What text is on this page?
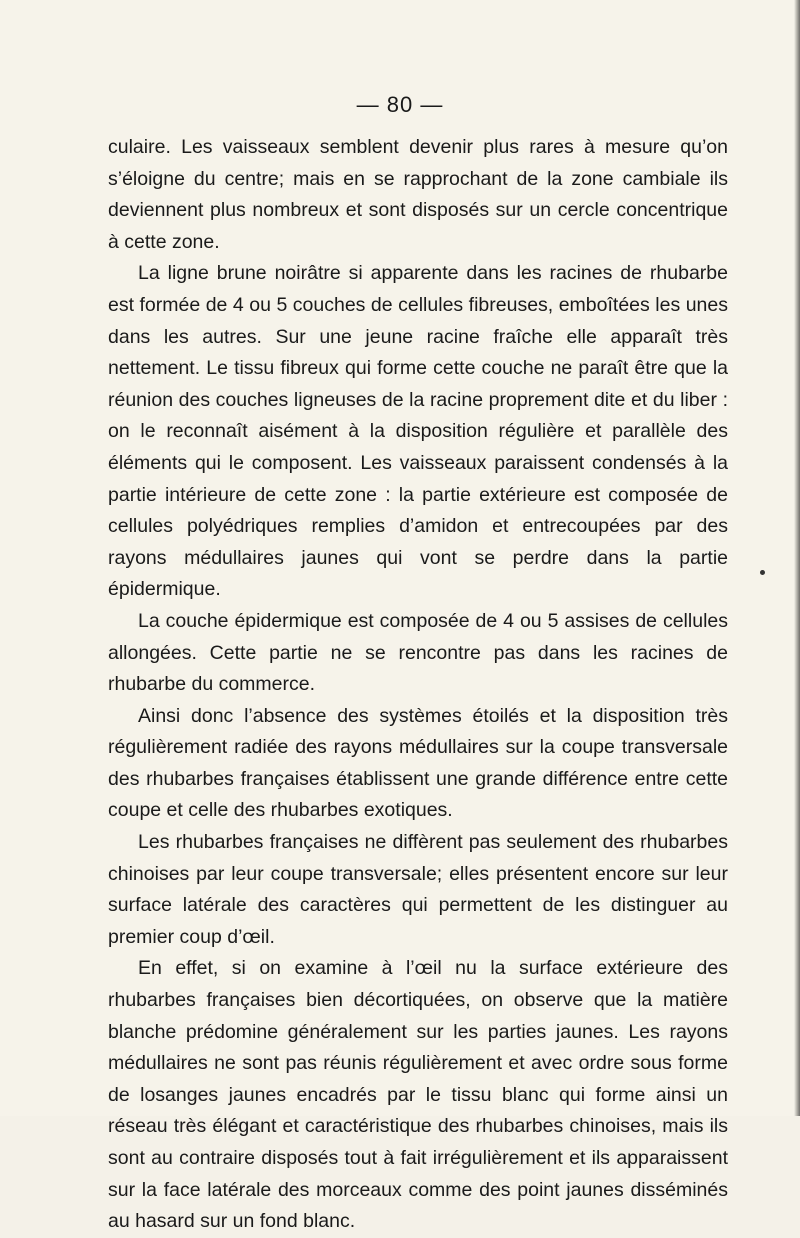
— 80 —

culaire. Les vaisseaux semblent devenir plus rares à mesure qu’on s’éloigne du centre; mais en se rapprochant de la zone cambiale ils deviennent plus nombreux et sont disposés sur un cercle concentrique à cette zone.

La ligne brune noirâtre si apparente dans les racines de rhubarbe est formée de 4 ou 5 couches de cellules fibreuses, emboîtées les unes dans les autres. Sur une jeune racine fraîche elle apparaît très nettement. Le tissu fibreux qui forme cette couche ne paraît être que la réunion des couches ligneuses de la racine proprement dite et du liber : on le reconnaît aisément à la disposition régulière et parallèle des éléments qui le composent. Les vaisseaux paraissent condensés à la partie intérieure de cette zone : la partie extérieure est composée de cellules polyédriques remplies d’amidon et entrecoupées par des rayons médullaires jaunes qui vont se perdre dans la partie épidermique.

La couche épidermique est composée de 4 ou 5 assises de cellules allongées. Cette partie ne se rencontre pas dans les racines de rhubarbe du commerce.

Ainsi donc l’absence des systèmes étoilés et la disposition très régulièrement radiée des rayons médullaires sur la coupe transversale des rhubarbes françaises établissent une grande différence entre cette coupe et celle des rhubarbes exotiques.

Les rhubarbes françaises ne diffèrent pas seulement des rhubarbes chinoises par leur coupe transversale; elles présentent encore sur leur surface latérale des caractères qui permettent de les distinguer au premier coup d’œil.

En effet, si on examine à l’œil nu la surface extérieure des rhubarbes françaises bien décortiquées, on observe que la matière blanche prédomine généralement sur les parties jaunes. Les rayons médullaires ne sont pas réunis régulièrement et avec ordre sous forme de losanges jaunes encadrés par le tissu blanc qui forme ainsi un réseau très élégant et caractéristique des rhubarbes chinoises, mais ils sont au contraire disposés tout à fait irrégulièrement et ils apparaissent sur la face latérale des morceaux comme des point jaunes disséminés au hasard sur un fond blanc.
